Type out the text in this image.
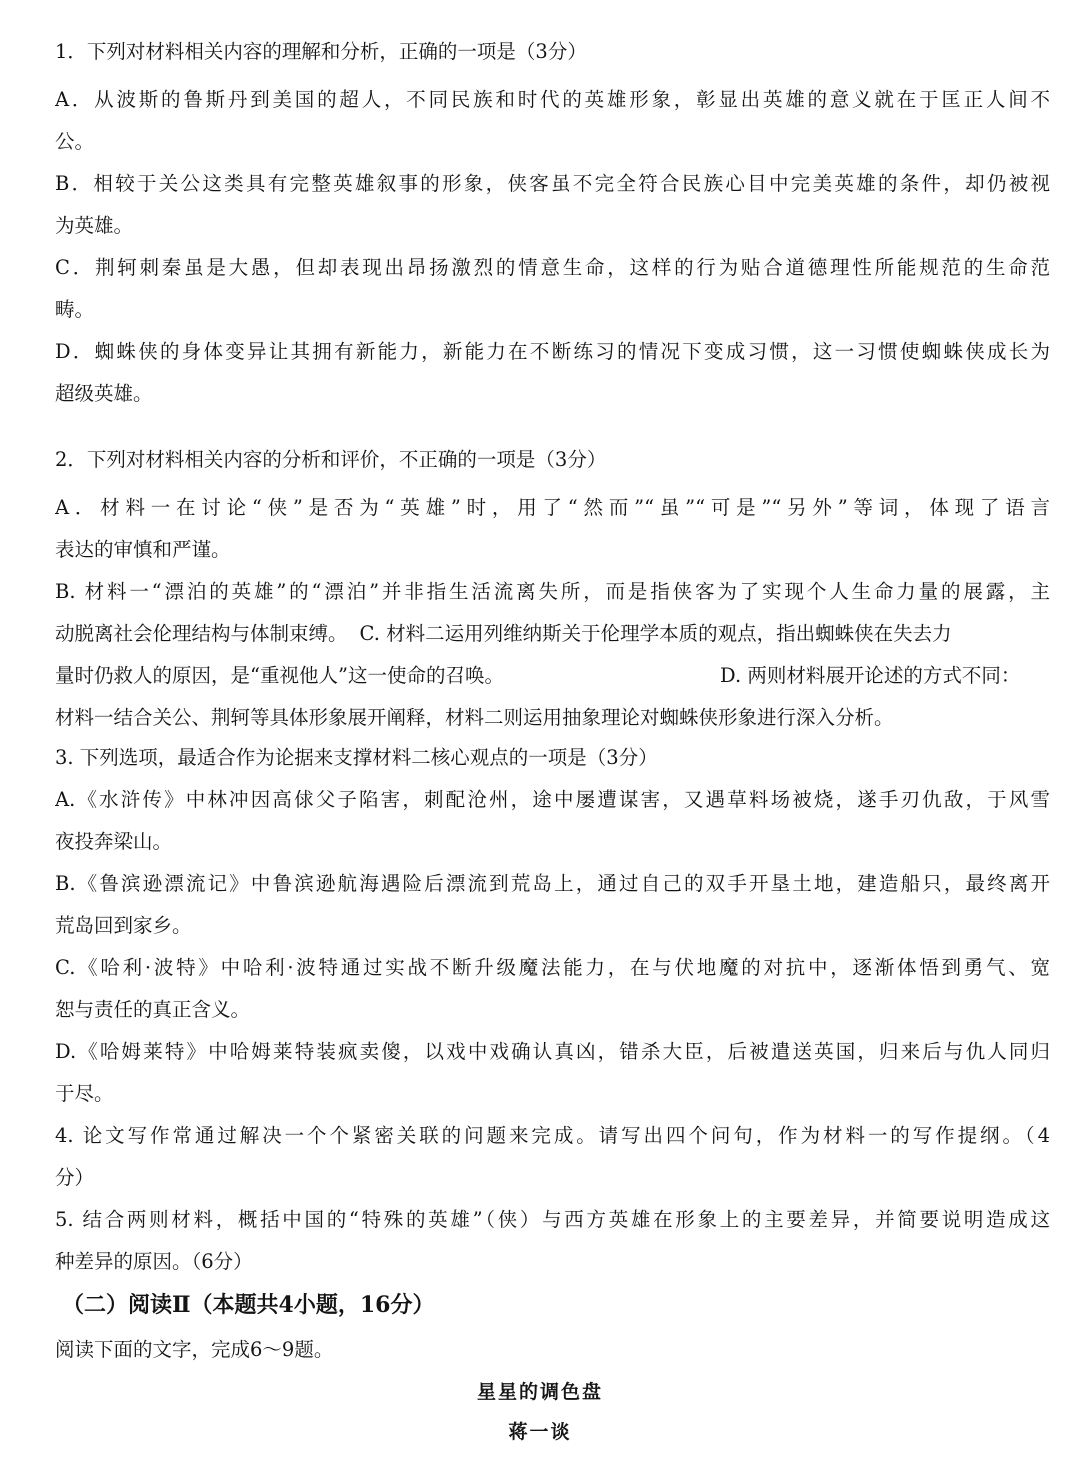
1．下列对材料相关内容的理解和分析，正确的一项是（3分）
A．从波斯的鲁斯丹到美国的超人，不同民族和时代的英雄形象，彰显出英雄的意义就在于匡正人间不
公。
B．相较于关公这类具有完整英雄叙事的形象，侠客虽不完全符合民族心目中完美英雄的条件，却仍被视
为英雄。
C．荆轲刺秦虽是大愚，但却表现出昂扬激烈的情意生命，这样的行为贴合道德理性所能规范的生命范
畴。
D．蜘蛛侠的身体变异让其拥有新能力，新能力在不断练习的情况下变成习惯，这一习惯使蜘蛛侠成长为
超级英雄。
2．下列对材料相关内容的分析和评价，不正确的一项是（3分）
A．材料一在讨论“侠”是否为“英雄”时，用了“然而”“虽”“可是”“另外”等词，体现了语言
表达的审慎和严谨。
B. 材料一“漂泊的英雄”的“漂泊”并非指生活流离失所，而是指侠客为了实现个人生命力量的展露，主
动脱离社会伦理结构与体制束缚。 C. 材料二运用列维纳斯关于伦理学本质的观点，指出蜘蛛侠在失去力
量时仍救人的原因，是“重视他人”这一使命的召唤。	D. 两则材料展开论述的方式不同：
材料一结合关公、荆轲等具体形象展开阐释，材料二则运用抽象理论对蜘蛛侠形象进行深入分析。
3. 下列选项，最适合作为论据来支撑材料二核心观点的一项是（3分）
A.《水浒传》中林冲因高俅父子陷害，刺配沧州，途中屡遭谋害，又遇草料场被烧，遂手刃仇敌，于风雪
夜投奔梁山。
B.《鲁滨逊漂流记》中鲁滨逊航海遇险后漂流到荒岛上，通过自己的双手开垦土地，建造船只，最终离开
荒岛回到家乡。
C.《哈利·波特》中哈利·波特通过实战不断升级魔法能力，在与伏地魔的对抗中，逐渐体悟到勇气、宽
恕与责任的真正含义。
D.《哈姆莱特》中哈姆莱特装疯卖傻，以戏中戏确认真凶，错杀大臣，后被遣送英国，归来后与仇人同归
于尽。
4. 论文写作常通过解决一个个紧密关联的问题来完成。请写出四个问句，作为材料一的写作提纲。（4
分）
5. 结合两则材料，概括中国的“特殊的英雄”（侠）与西方英雄在形象上的主要差异，并简要说明造成这
种差异的原因。（6分）
（二）阅读Ⅱ（本题共4小题，16分）
阅读下面的文字，完成6～9题。
星星的调色盘
蒋一谈
